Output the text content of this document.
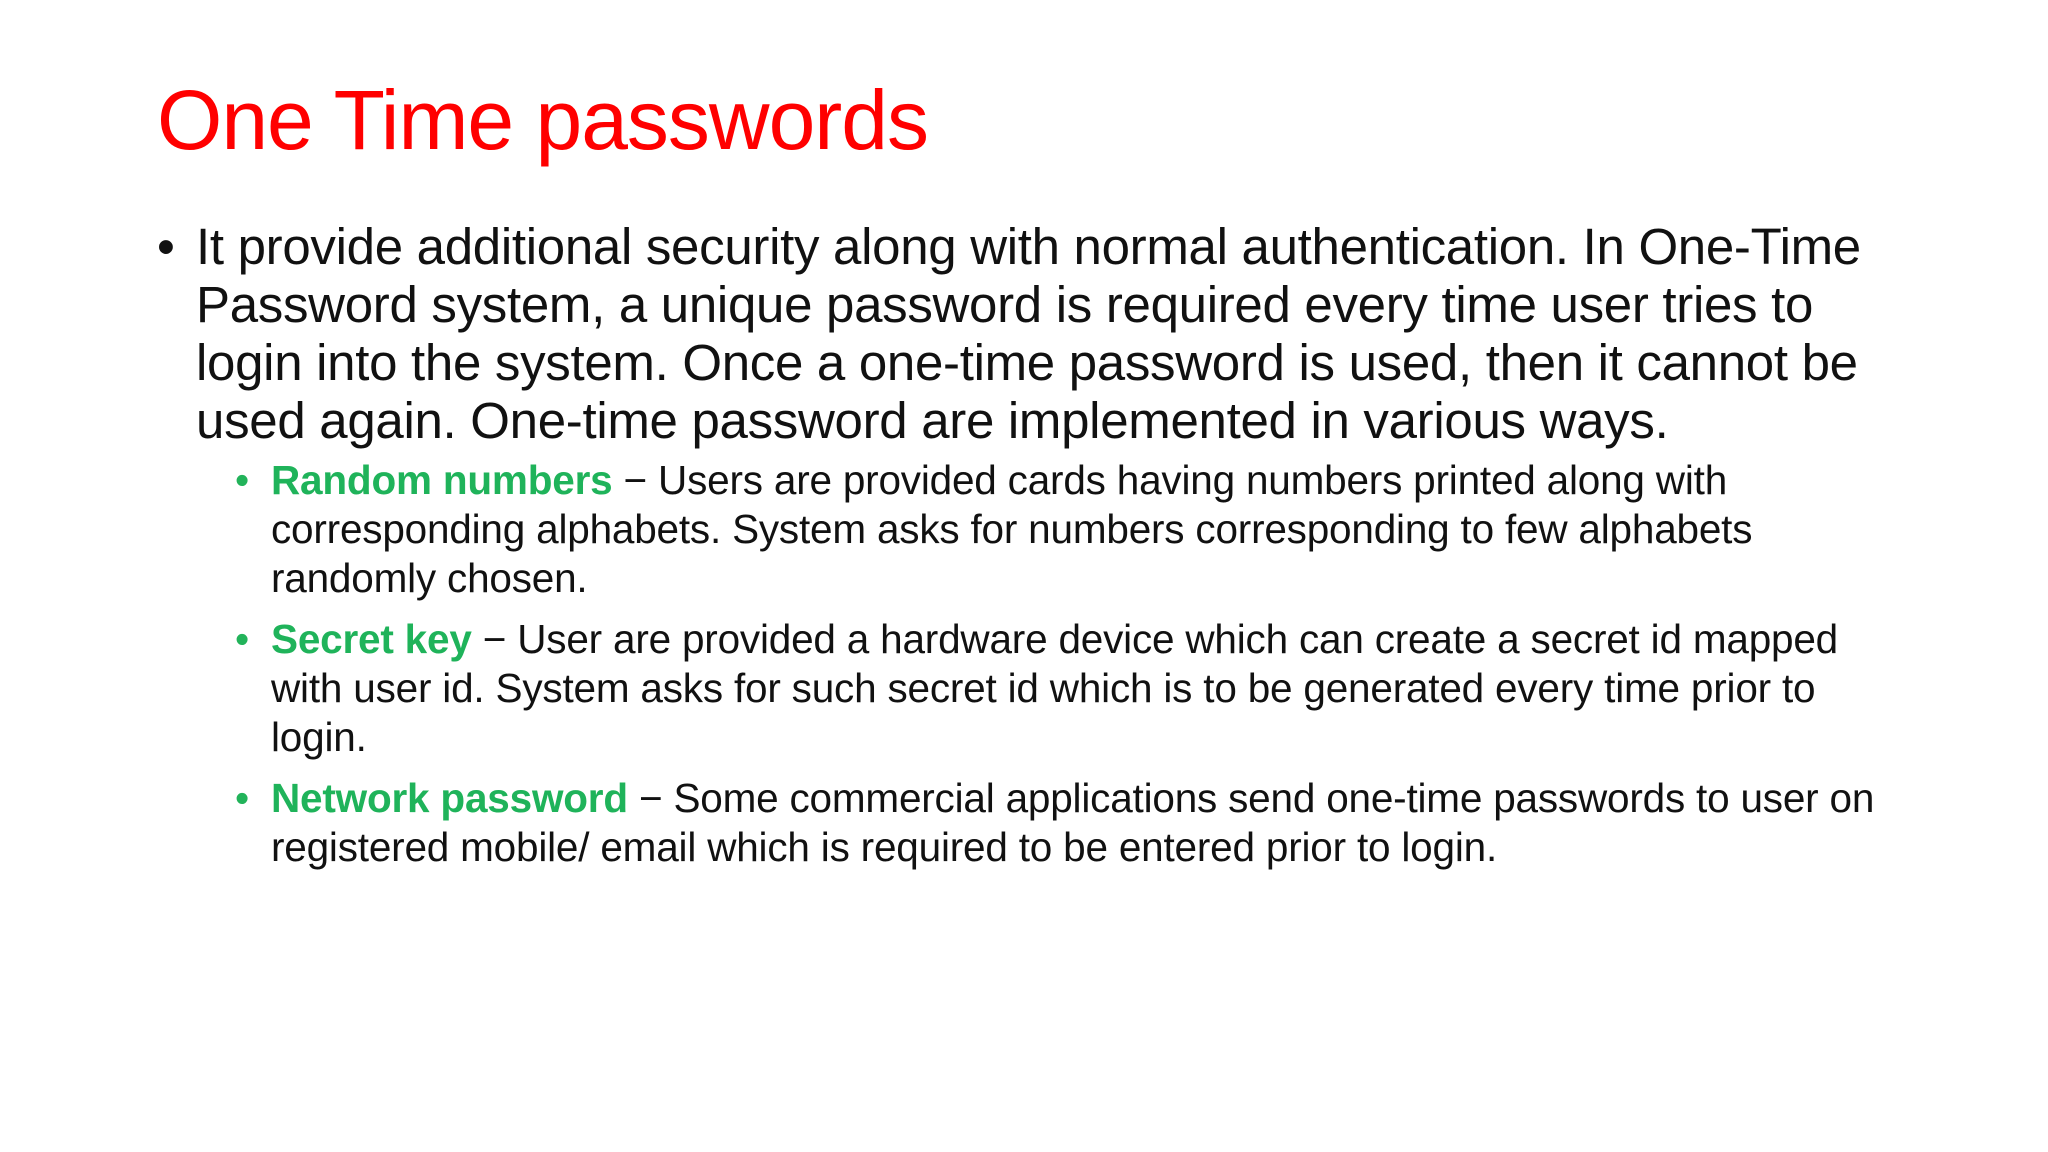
One Time passwords
• It provide additional security along with normal authentication. In One-Time Password system, a unique password is required every time user tries to login into the system. Once a one-time password is used, then it cannot be used again. One-time password are implemented in various ways.
• Random numbers − Users are provided cards having numbers printed along with corresponding alphabets. System asks for numbers corresponding to few alphabets randomly chosen.
• Secret key − User are provided a hardware device which can create a secret id mapped with user id. System asks for such secret id which is to be generated every time prior to login.
• Network password − Some commercial applications send one-time passwords to user on registered mobile/ email which is required to be entered prior to login.
